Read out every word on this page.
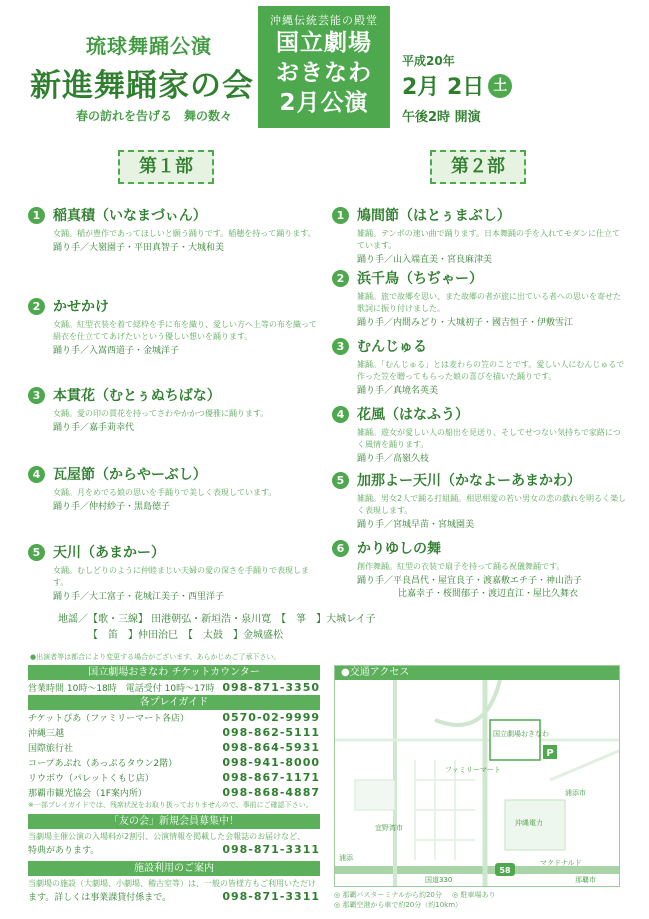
琉球舞踊公演
新進舞踊家の会
春の訪れを告げる　舞の数々
沖縄伝統芸能の殿堂
国立劇場
おきなわ
2月公演
平成20年
2月 2日 土
午後2時 開演
第１部	第２部
1 稲真積（いなまづぃん）
女踊。稲が豊作であってほしいと願う踊りです。稲穂を持って踊ります。
踊り手／大嶺園子・平田真智子・大城和美
2 かせかけ
女踊。紅型衣装を着て綛枠を手に布を織り、愛しい方へ上等の布を織って絹衣を仕立ててあげたいという優しい想いを踊ります。
踊り手／入嵩西道子・金城洋子
3 本貫花（むとぅぬちばな）
女踊。愛の印の貫花を持ってさわやかかつ優雅に踊ります。
踊り手／嘉手苅幸代
4 瓦屋節（からやーぶし）
女踊。月をめでる娘の思いを手踊りで美しく表現しています。
踊り手／仲村紗子・黒島徳子
5 天川（あまかー）
女踊。むしどりのように仲睦まじい夫婦の愛の深さを手踊りで表現します。
踊り手／大工富子・花城江美子・西里洋子
1 鳩間節（はとぅまぶし）
雑踊。テンポの速い曲で踊ります。日本舞踊の手を入れてモダンに仕立てています。
踊り手／山入端直美・宮良麻津美
2 浜千鳥（ちぢゃー）
雑踊。旅で故郷を思い、また故郷の者が旅に出ている者への思いを寄せた歌詞に振り付けました。
踊り手／内間みどり・大城初子・國吉恒子・伊敷雪江
3 むんじゅる
雑踊。「むんじゅる」とは麦わらの笠のことです。愛しい人にむんじゅるで作った笠を贈ってもらった娘の喜びを描いた踊りです。
踊り手／真境名英美
4 花風（はなふう）
雑踊。遊女が愛しい人の船出を見送り、そしてせつない気持ちで家路につく風情を踊ります。
踊り手／高嶺久枝
5 加那よー天川（かなよーあまかわ）
雑踊。男女2人で踊る打組踊。相思相愛の若い男女の恋の戯れを明るく楽しく表現します。
踊り手／宮城早苗・宮城園美
6 かりゆしの舞
創作舞踊。紅型の衣装で扇子を持って踊る祝儀舞踊です。
踊り手／平良昌代・屋宜良子・渡嘉敷エチ子・神山浩子
比嘉幸子・桜間郁子・渡辺直江・屋比久舞衣
地謡／【歌・三線】 田港朝弘・新垣浩・泉川寛　【　箏　】大城レイ子
【　笛　】仲田治巳　【　太鼓　】金城盛松
●出演者等は都合により変更する場合がございます。あらかじめご了承下さい。
国立劇場おきなわ チケットカウンター
営業時間 10時〜18時　電話受付 10時〜17時 098-871-3350
各プレイガイド
チケットぴあ（ファミリーマート各店）	0570-02-9999
沖縄三越	098-862-5111
国際旅行社	098-864-5931
コープあぷれ（あっぷるタウン2階）	098-941-8000
リウボウ（パレットくもじ店）	098-867-1171
那覇市観光協会（1F案内所）	098-868-4887
※一部プレイガイドでは、残席状況をお取り扱っておりませんので、事前にご確認下さい。
「友の会」新規会員募集中！
当劇場主催公演の入場料が2割引、公演情報を掲載した会報誌のお届けなど、
特典があります。	098-871-3311
施設利用のご案内
当劇場の施設（大劇場、小劇場、稽古室等）は、一般の皆様方もご利用いただけ
ます。詳しくは事業課貸付係まで。	098-871-3311
●交通アクセス
P
国立劇場おきなわ
58
ファミリーマート
浦添市
宜野湾市
沖縄電力
マクドナルド
那覇市
国道330
浦添
◎ 那覇バスターミナルから約20分 ◎ 駐車場あり
◎ 那覇空港から車で約20分（約10km）
